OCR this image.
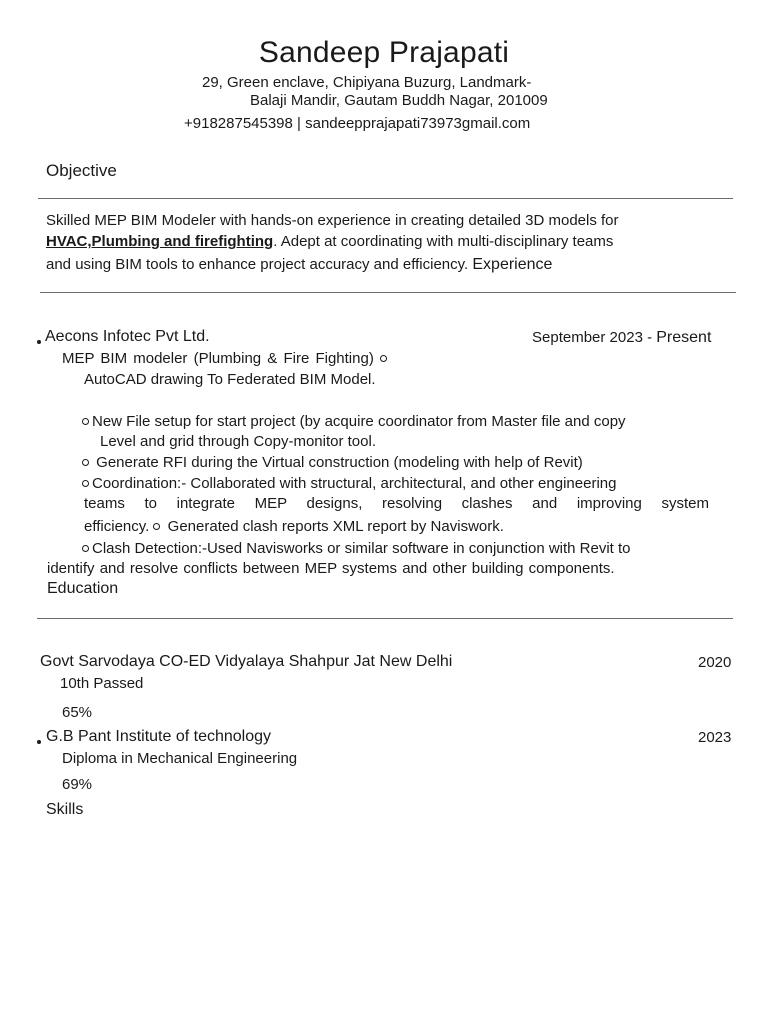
Sandeep Prajapati
29, Green enclave, Chipiyana Buzurg, Landmark-
Balaji Mandir, Gautam Buddh Nagar, 201009
+918287545398 | sandeepprajapati73973gmail.com
Objective
Skilled MEP BIM Modeler with hands-on experience in creating detailed 3D models for
HVAC,Plumbing and firefighting. Adept at coordinating with multi-disciplinary teams
and using BIM tools to enhance project accuracy and efficiency. Experience
Aecons Infotec Pvt Ltd.	September 2023 - Present
MEP BIM modeler (Plumbing & Fire Fighting)
AutoCAD drawing To Federated BIM Model.
New File setup for start project (by acquire coordinator from Master file and copy
Level and grid through Copy-monitor tool.
Generate RFI during the Virtual construction (modeling with help of Revit)
Coordination:- Collaborated with structural, architectural, and other engineering
teams to integrate MEP designs, resolving clashes and improving system
efficiency. Generated clash reports XML report by Naviswork.
Clash Detection:-Used Navisworks or similar software in conjunction with Revit to
identify and resolve conflicts between MEP systems and other building components.
Education
Govt Sarvodaya CO-ED Vidyalaya Shahpur Jat New Delhi	2020
10th Passed
65%
G.B Pant Institute of technology	2023
Diploma in Mechanical Engineering
69%
Skills
